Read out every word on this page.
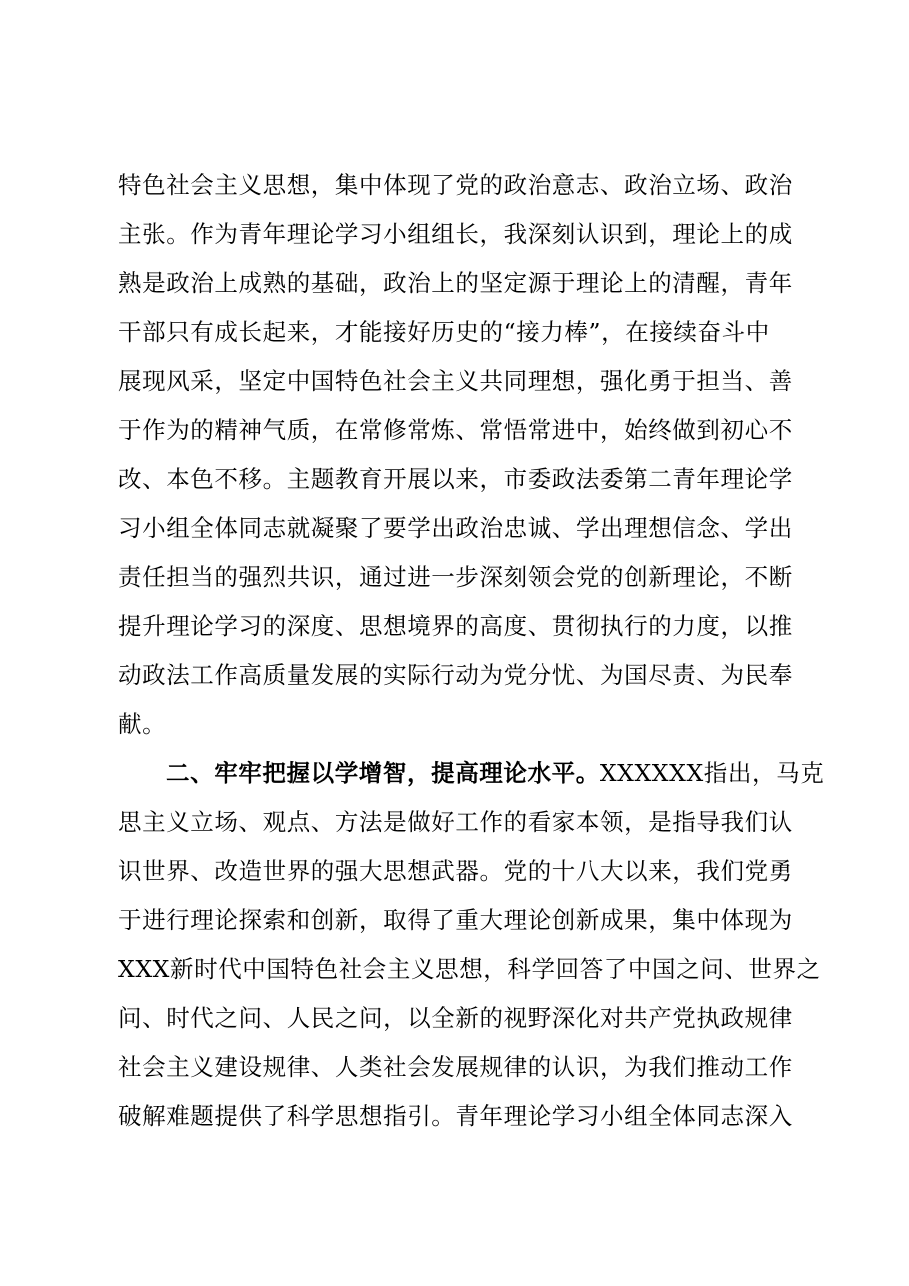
特色社会主义思想，集中体现了党的政治意志、政治立场、政治
主张。作为青年理论学习小组组长，我深刻认识到，理论上的成
熟是政治上成熟的基础，政治上的坚定源于理论上的清醒，青年
干部只有成长起来，才能接好历史的“接力棒”，在接续奋斗中
展现风采，坚定中国特色社会主义共同理想，强化勇于担当、善
于作为的精神气质，在常修常炼、常悟常进中，始终做到初心不
改、本色不移。主题教育开展以来，市委政法委第二青年理论学
习小组全体同志就凝聚了要学出政治忠诚、学出理想信念、学出
责任担当的强烈共识，通过进一步深刻领会党的创新理论，不断
提升理论学习的深度、思想境界的高度、贯彻执行的力度，以推
动政法工作高质量发展的实际行动为党分忧、为国尽责、为民奉
献。
二、牢牢把握以学增智，提高理论水平。XXXXXX指出，马克
思主义立场、观点、方法是做好工作的看家本领，是指导我们认
识世界、改造世界的强大思想武器。党的十八大以来，我们党勇
于进行理论探索和创新，取得了重大理论创新成果，集中体现为
XXX新时代中国特色社会主义思想，科学回答了中国之问、世界之
问、时代之问、人民之问，以全新的视野深化对共产党执政规律
社会主义建设规律、人类社会发展规律的认识，为我们推动工作
破解难题提供了科学思想指引。青年理论学习小组全体同志深入
